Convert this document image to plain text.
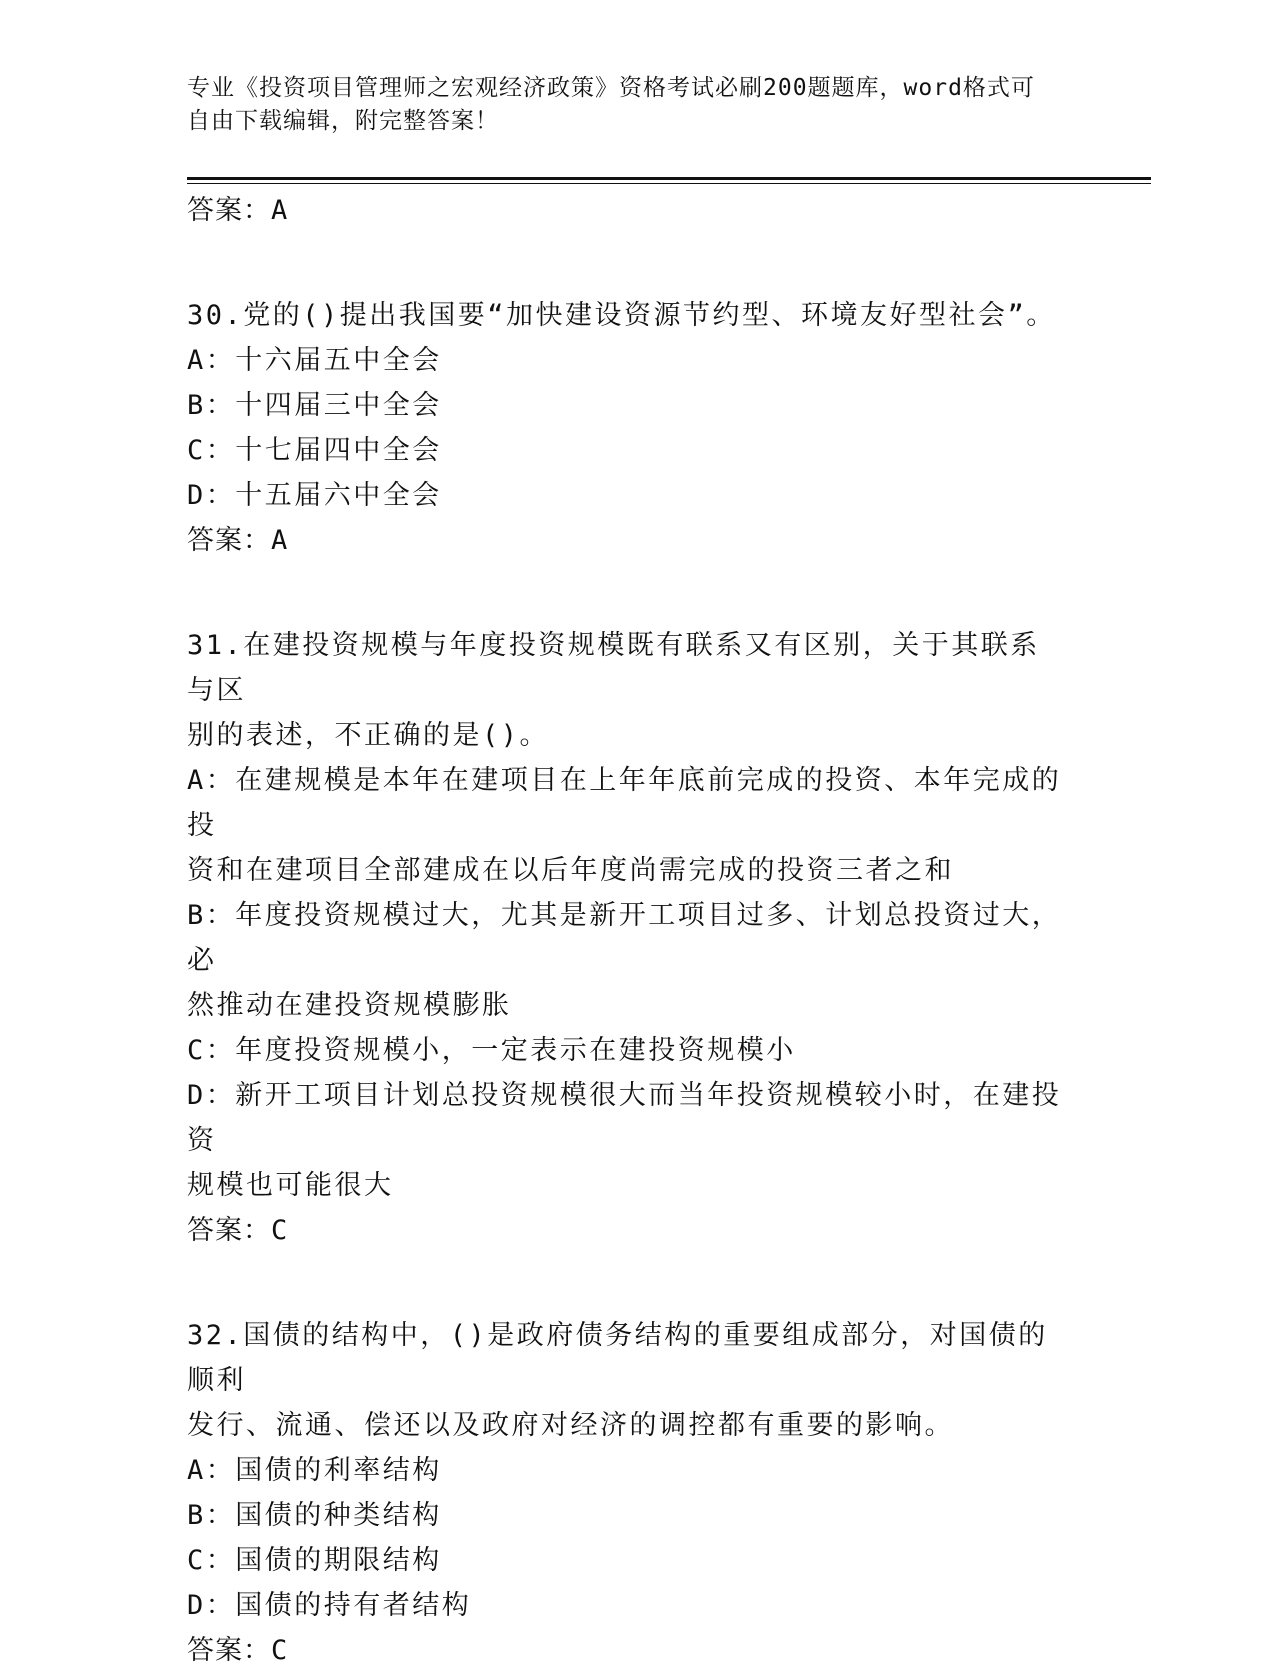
专业《投资项目管理师之宏观经济政策》资格考试必刷200题题库，word格式可
自由下载编辑，附完整答案！
答案：A

30.党的()提出我国要“加快建设资源节约型、环境友好型社会”。

A：十六届五中全会

B：十四届三中全会

C：十七届四中全会

D：十五届六中全会

答案：A

31.在建投资规模与年度投资规模既有联系又有区别，关于其联系与区
别的表述，不正确的是()。

A：在建规模是本年在建项目在上年年底前完成的投资、本年完成的投
资和在建项目全部建成在以后年度尚需完成的投资三者之和

B：年度投资规模过大，尤其是新开工项目过多、计划总投资过大，必
然推动在建投资规模膨胀

C：年度投资规模小，一定表示在建投资规模小

D：新开工项目计划总投资规模很大而当年投资规模较小时，在建投资
规模也可能很大

答案：C

32.国债的结构中，()是政府债务结构的重要组成部分，对国债的顺利
发行、流通、偿还以及政府对经济的调控都有重要的影响。

A：国债的利率结构

B：国债的种类结构

C：国债的期限结构

D：国债的持有者结构

答案：C
